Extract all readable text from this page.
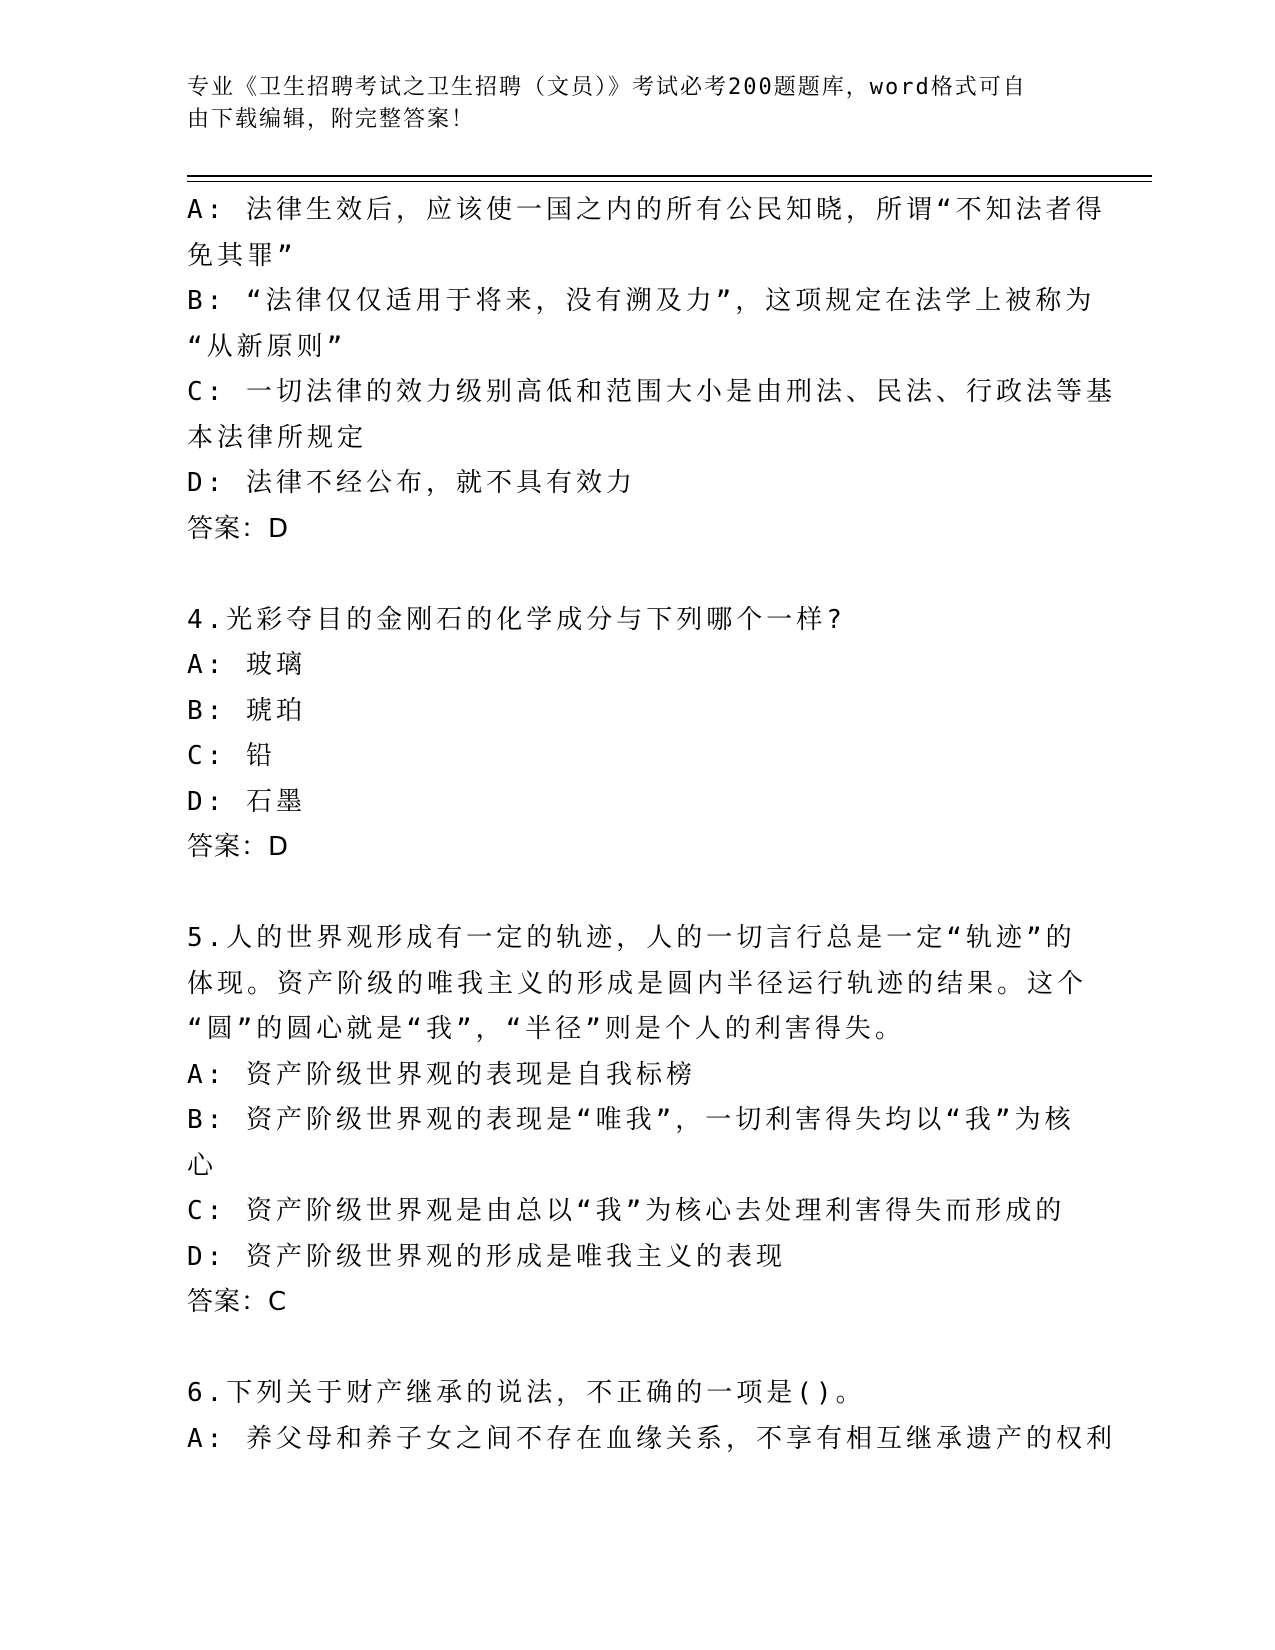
专业《卫生招聘考试之卫生招聘（文员）》考试必考200题题库，word格式可自
由下载编辑，附完整答案！
A: 法律生效后，应该使一国之内的所有公民知晓，所谓“不知法者得
免其罪”
B: “法律仅仅适用于将来，没有溯及力”，这项规定在法学上被称为
“从新原则”
C: 一切法律的效力级别高低和范围大小是由刑法、民法、行政法等基
本法律所规定
D: 法律不经公布，就不具有效力
答案：D
4.光彩夺目的金刚石的化学成分与下列哪个一样?
A: 玻璃
B: 琥珀
C: 铅
D: 石墨
答案：D
5.人的世界观形成有一定的轨迹，人的一切言行总是一定“轨迹”的
体现。资产阶级的唯我主义的形成是圆内半径运行轨迹的结果。这个
“圆”的圆心就是“我”，“半径”则是个人的利害得失。
A: 资产阶级世界观的表现是自我标榜
B: 资产阶级世界观的表现是“唯我”，一切利害得失均以“我”为核
心
C: 资产阶级世界观是由总以“我”为核心去处理利害得失而形成的
D: 资产阶级世界观的形成是唯我主义的表现
答案：C
6.下列关于财产继承的说法，不正确的一项是()。
A: 养父母和养子女之间不存在血缘关系，不享有相互继承遗产的权利
